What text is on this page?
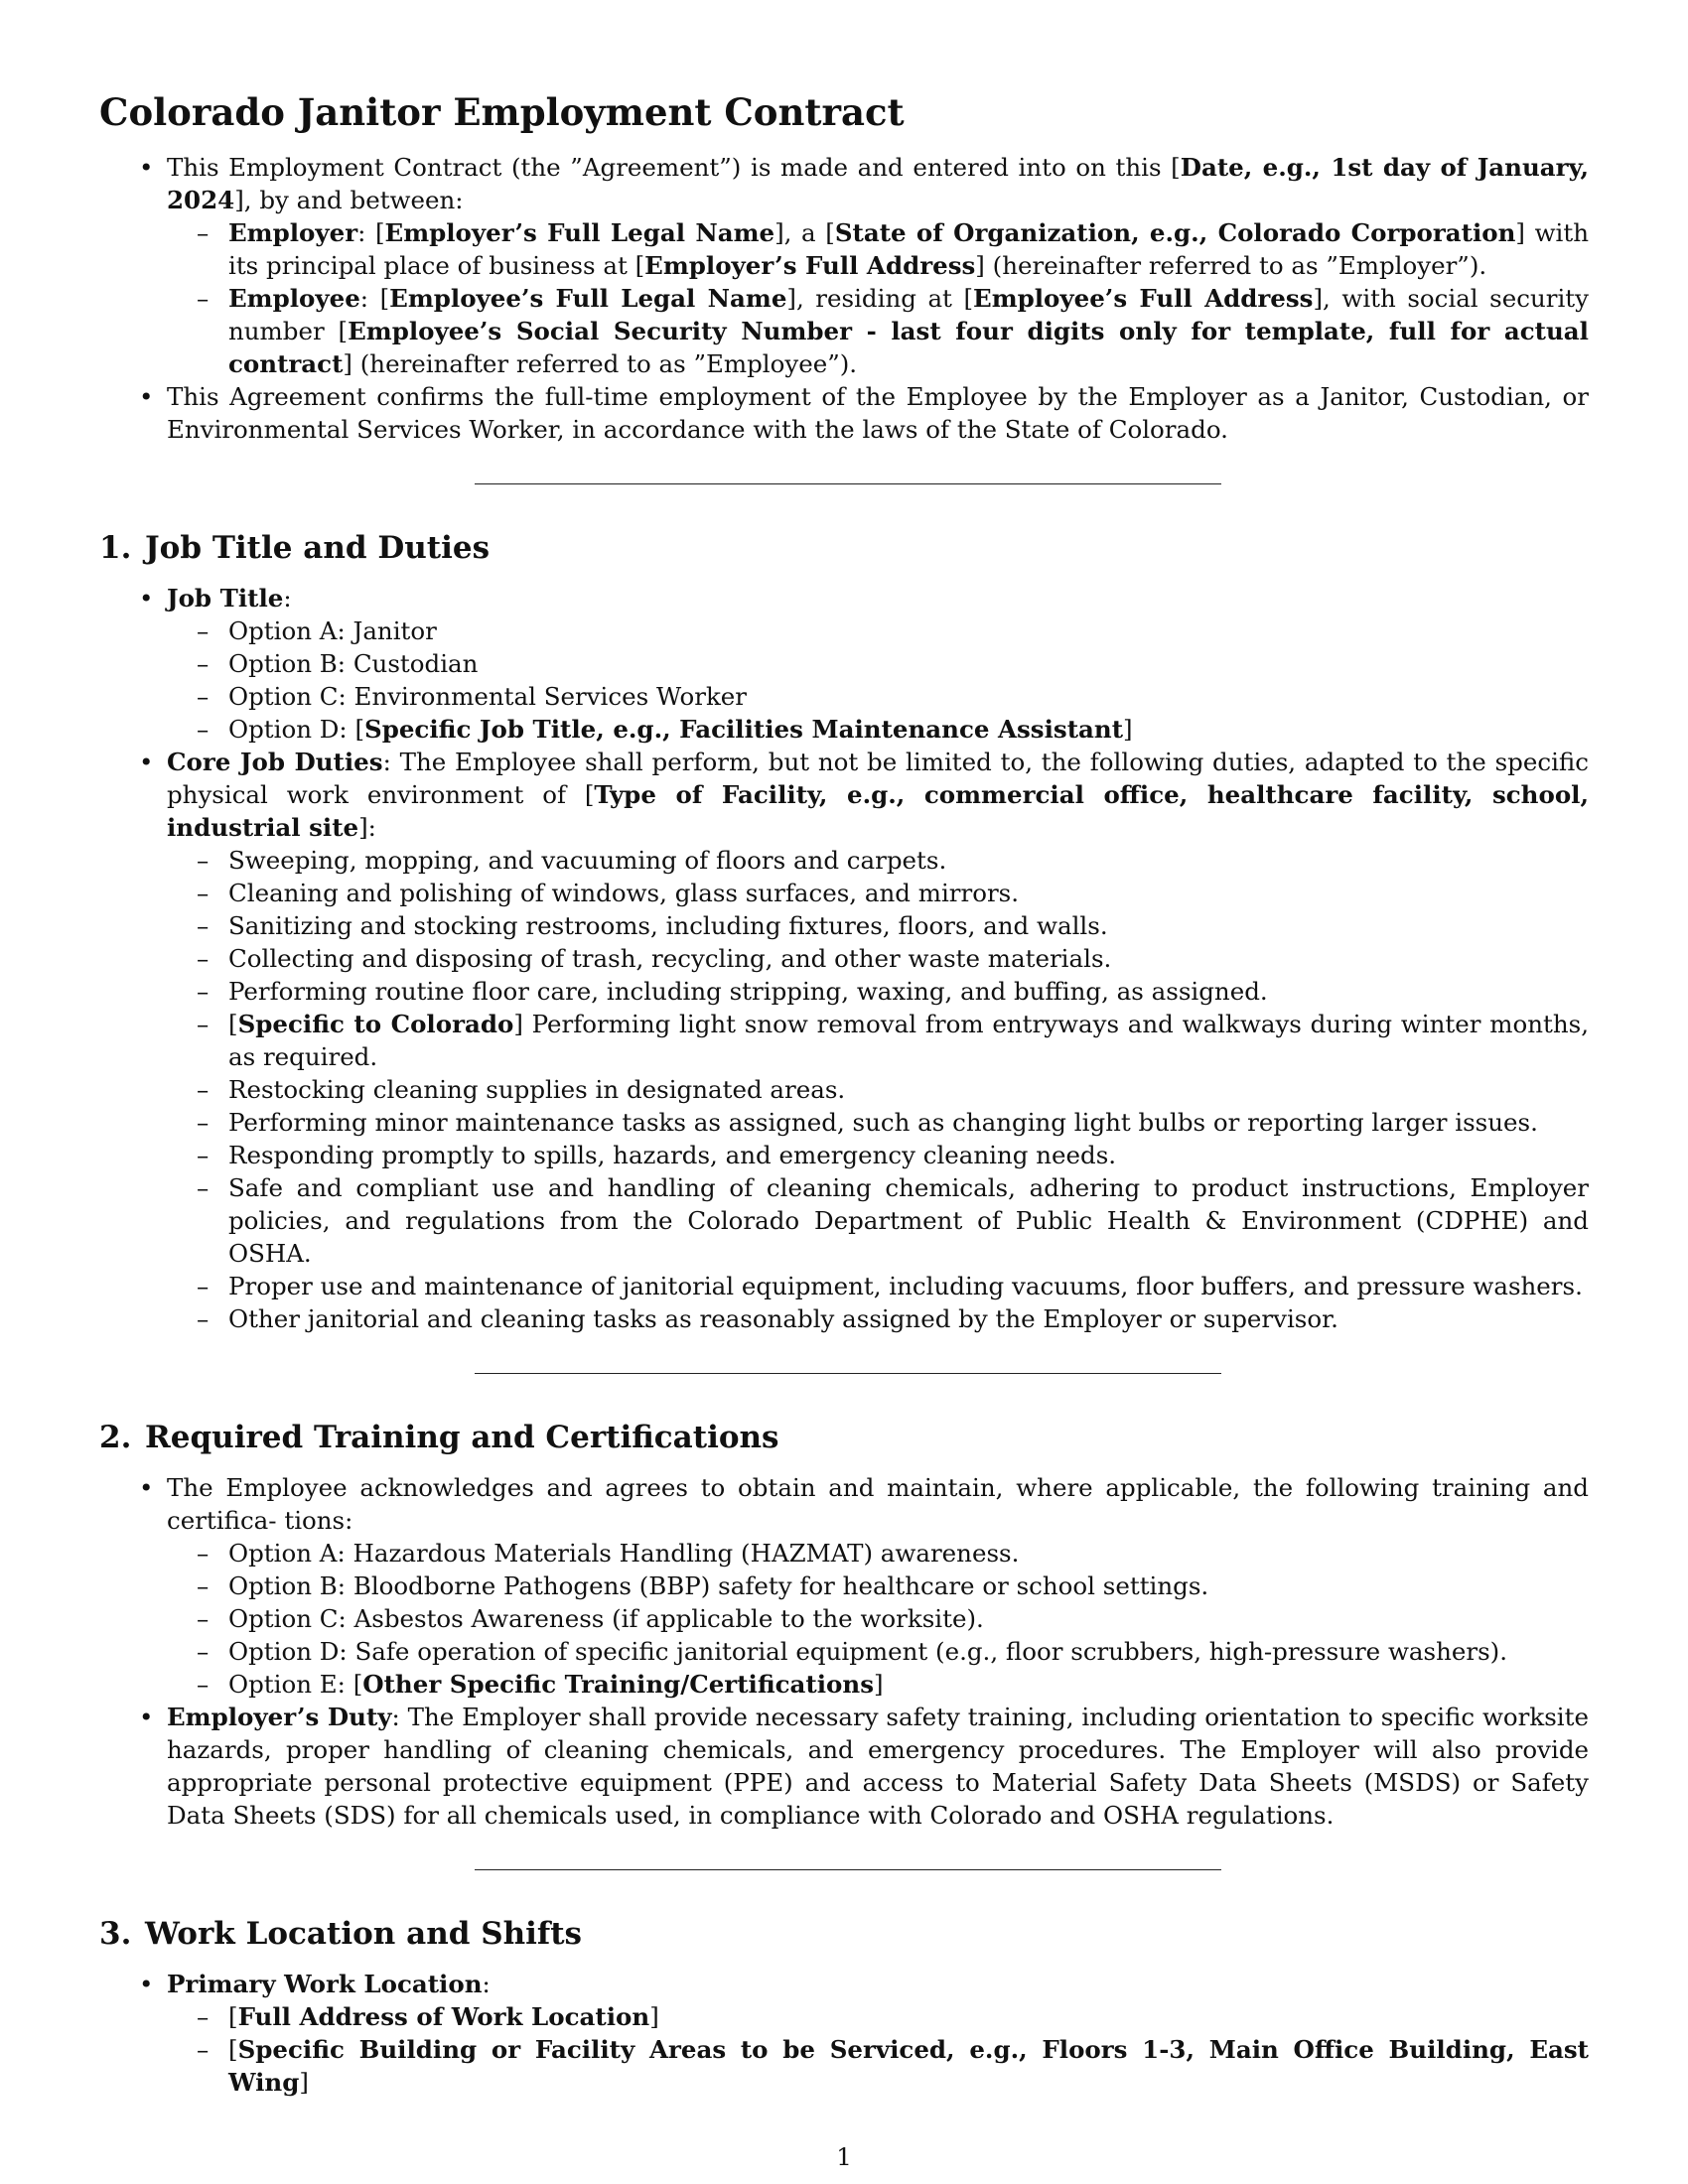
Colorado Janitor Employment Contract
• This Employment Contract (the ”Agreement”) is made and entered into on this [Date, e.g., 1st day of January, 2024], by and between:
– Employer: [Employer’s Full Legal Name], a [State of Organization, e.g., Colorado Corporation] with its principal place of business at [Employer’s Full Address] (hereinafter referred to as ”Employer”).
– Employee: [Employee’s Full Legal Name], residing at [Employee’s Full Address], with social security number [Employee’s Social Security Number - last four digits only for template, full for actual contract] (hereinafter referred to as ”Employee”).
• This Agreement confirms the full-time employment of the Employee by the Employer as a Janitor, Custodian, or Environmental Services Worker, in accordance with the laws of the State of Colorado.
1. Job Title and Duties
• Job Title:
– Option A: Janitor
– Option B: Custodian
– Option C: Environmental Services Worker
– Option D: [Specific Job Title, e.g., Facilities Maintenance Assistant]
• Core Job Duties: The Employee shall perform, but not be limited to, the following duties, adapted to the specific physical work environment of [Type of Facility, e.g., commercial office, healthcare facility, school, industrial site]:
– Sweeping, mopping, and vacuuming of floors and carpets.
– Cleaning and polishing of windows, glass surfaces, and mirrors.
– Sanitizing and stocking restrooms, including fixtures, floors, and walls.
– Collecting and disposing of trash, recycling, and other waste materials.
– Performing routine floor care, including stripping, waxing, and buffing, as assigned.
– [Specific to Colorado] Performing light snow removal from entryways and walkways during winter months, as required.
– Restocking cleaning supplies in designated areas.
– Performing minor maintenance tasks as assigned, such as changing light bulbs or reporting larger issues.
– Responding promptly to spills, hazards, and emergency cleaning needs.
– Safe and compliant use and handling of cleaning chemicals, adhering to product instructions, Employer policies, and regulations from the Colorado Department of Public Health & Environment (CDPHE) and OSHA.
– Proper use and maintenance of janitorial equipment, including vacuums, floor buffers, and pressure washers.
– Other janitorial and cleaning tasks as reasonably assigned by the Employer or supervisor.
2. Required Training and Certifications
• The Employee acknowledges and agrees to obtain and maintain, where applicable, the following training and certifica- tions:
– Option A: Hazardous Materials Handling (HAZMAT) awareness.
– Option B: Bloodborne Pathogens (BBP) safety for healthcare or school settings.
– Option C: Asbestos Awareness (if applicable to the worksite).
– Option D: Safe operation of specific janitorial equipment (e.g., floor scrubbers, high-pressure washers).
– Option E: [Other Specific Training/Certifications]
• Employer’s Duty: The Employer shall provide necessary safety training, including orientation to specific worksite hazards, proper handling of cleaning chemicals, and emergency procedures. The Employer will also provide appropriate personal protective equipment (PPE) and access to Material Safety Data Sheets (MSDS) or Safety Data Sheets (SDS) for all chemicals used, in compliance with Colorado and OSHA regulations.
3. Work Location and Shifts
• Primary Work Location:
– [Full Address of Work Location]
– [Specific Building or Facility Areas to be Serviced, e.g., Floors 1-3, Main Office Building, East Wing]
1
